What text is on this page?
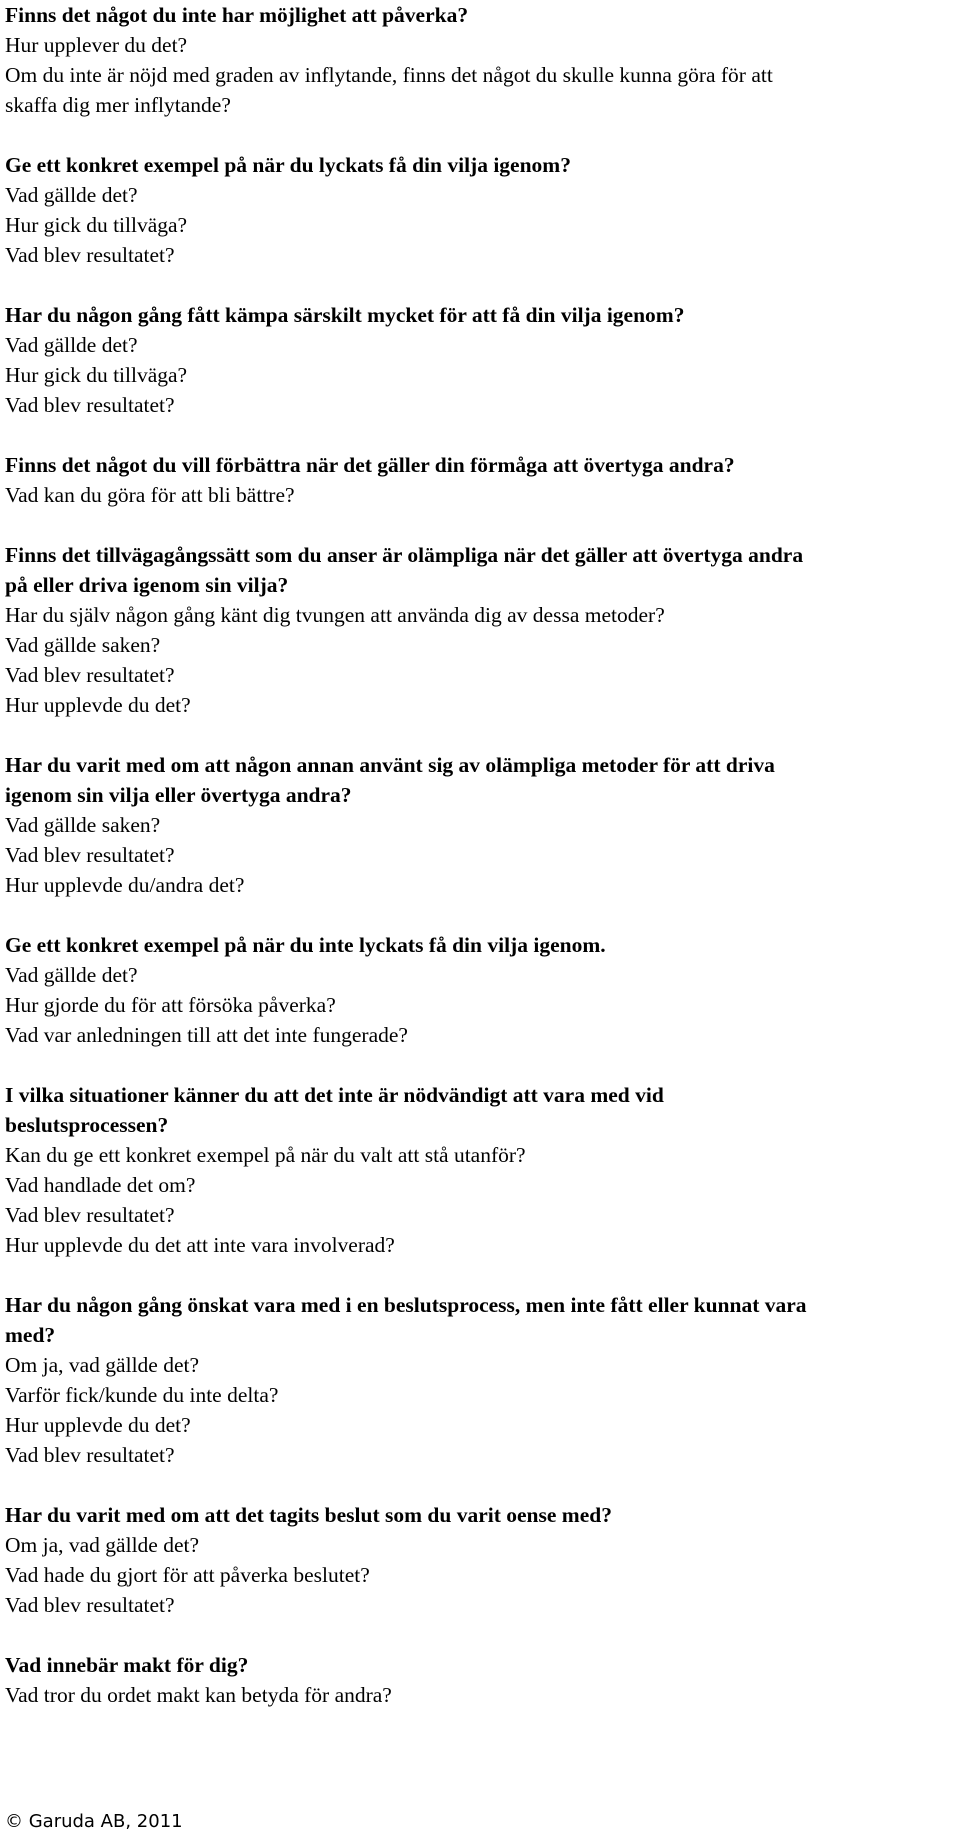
Finns det något du inte har möjlighet att påverka?

Hur upplever du det?

Om du inte är nöjd med graden av inflytande, finns det något du skulle kunna göra för att

skaffa dig mer inflytande?

Ge ett konkret exempel på när du lyckats få din vilja igenom?

Vad gällde det?

Hur gick du tillväga?

Vad blev resultatet?

Har du någon gång fått kämpa särskilt mycket för att få din vilja igenom?

Vad gällde det?

Hur gick du tillväga?

Vad blev resultatet?

Finns det något du vill förbättra när det gäller din förmåga att övertyga andra?

Vad kan du göra för att bli bättre?

Finns det tillvägagångssätt som du anser är olämpliga när det gäller att övertyga andra

på eller driva igenom sin vilja?

Har du själv någon gång känt dig tvungen att använda dig av dessa metoder?

Vad gällde saken?

Vad blev resultatet?

Hur upplevde du det?

Har du varit med om att någon annan använt sig av olämpliga metoder för att driva

igenom sin vilja eller övertyga andra?

Vad gällde saken?

Vad blev resultatet?

Hur upplevde du/andra det?

Ge ett konkret exempel på när du inte lyckats få din vilja igenom.

Vad gällde det?

Hur gjorde du för att försöka påverka?

Vad var anledningen till att det inte fungerade?

I vilka situationer känner du att det inte är nödvändigt att vara med vid

beslutsprocessen?

Kan du ge ett konkret exempel på när du valt att stå utanför?

Vad handlade det om?

Vad blev resultatet?

Hur upplevde du det att inte vara involverad?

Har du någon gång önskat vara med i en beslutsprocess, men inte fått eller kunnat vara

med?

Om ja, vad gällde det?

Varför fick/kunde du inte delta?

Hur upplevde du det?

Vad blev resultatet?

Har du varit med om att det tagits beslut som du varit oense med?

Om ja, vad gällde det?

Vad hade du gjort för att påverka beslutet?

Vad blev resultatet?

Vad innebär makt för dig?

Vad tror du ordet makt kan betyda för andra?

© Garuda AB, 2011
